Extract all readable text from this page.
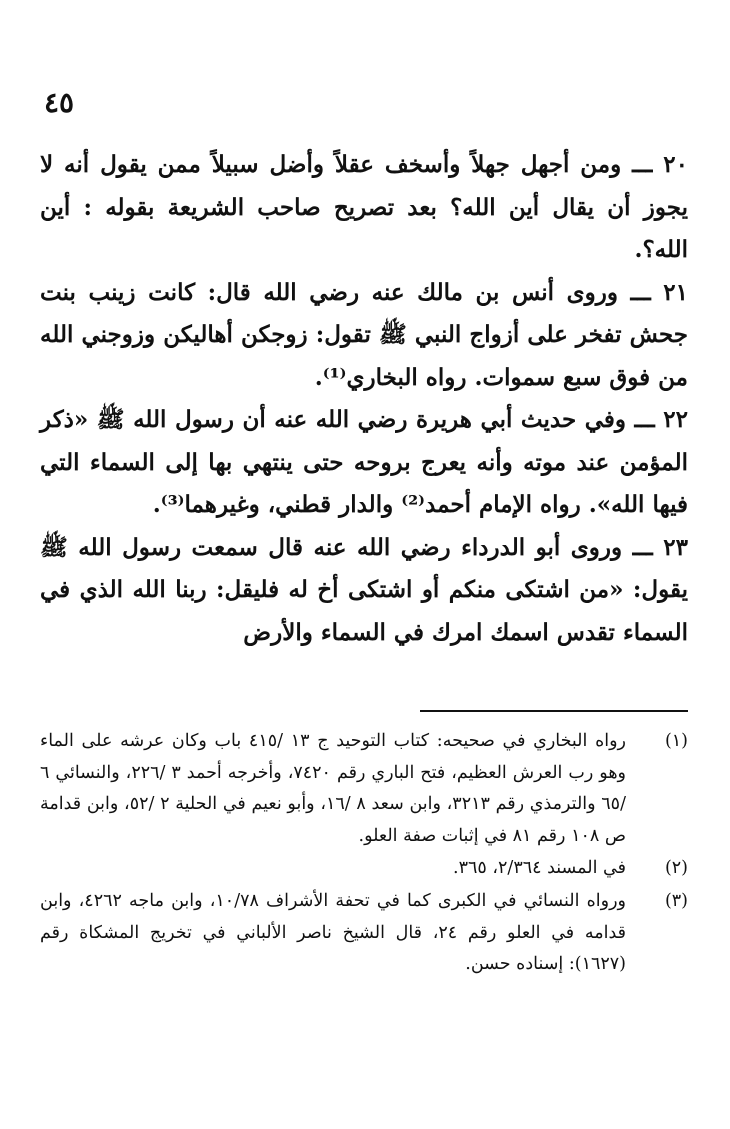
٤٥

٢٠ ـــ ومن أجهل جهلاً وأسخف عقلاً وأضل سبيلاً ممن يقول أنه لا يجوز أن يقال أين الله؟ بعد تصريح صاحب الشريعة بقوله : أين الله؟.

٢١ ـــ وروى أنس بن مالك عنه رضي الله قال: كانت زينب بنت جحش تفخر على أزواج النبي ﷺ تقول: زوجكن أهاليكن وزوجني الله من فوق سبع سموات. رواه البخاري⁽¹⁾.

٢٢ ـــ وفي حديث أبي هريرة رضي الله عنه أن رسول الله ﷺ «ذكر المؤمن عند موته وأنه يعرج بروحه حتى ينتهي بها إلى السماء التي فيها الله». رواه الإمام أحمد⁽²⁾ والدار قطني، وغيرهما⁽³⁾.

٢٣ ـــ وروى أبو الدرداء رضي الله عنه قال سمعت رسول الله ﷺ يقول: «من اشتكى منكم أو اشتكى أخ له فليقل: ربنا الله الذي في السماء تقدس اسمك امرك في السماء والأرض

(١)
رواه البخاري في صحيحه: كتاب التوحيد ج ١٣ /٤١٥ باب وكان عرشه على الماء وهو رب العرش العظيم، فتح الباري رقم ٧٤٢٠، وأخرجه أحمد ٣ /٢٢٦، والنسائي ٦ /٦٥ والترمذي رقم ٣٢١٣، وابن سعد ٨ /١٦، وأبو نعيم في الحلية ٢ /٥٢، وابن قدامة ص ١٠٨ رقم ٨١ في إثبات صفة العلو.
(٢)
في المسند ٢/٣٦٤، ٣٦٥.
(٣)
ورواه النسائي في الكبرى كما في تحفة الأشراف ١٠/٧٨، وابن ماجه ٤٢٦٢، وابن قدامه في العلو رقم ٢٤، قال الشيخ ناصر الألباني في تخريج المشكاة رقم (١٦٢٧): إسناده حسن.
